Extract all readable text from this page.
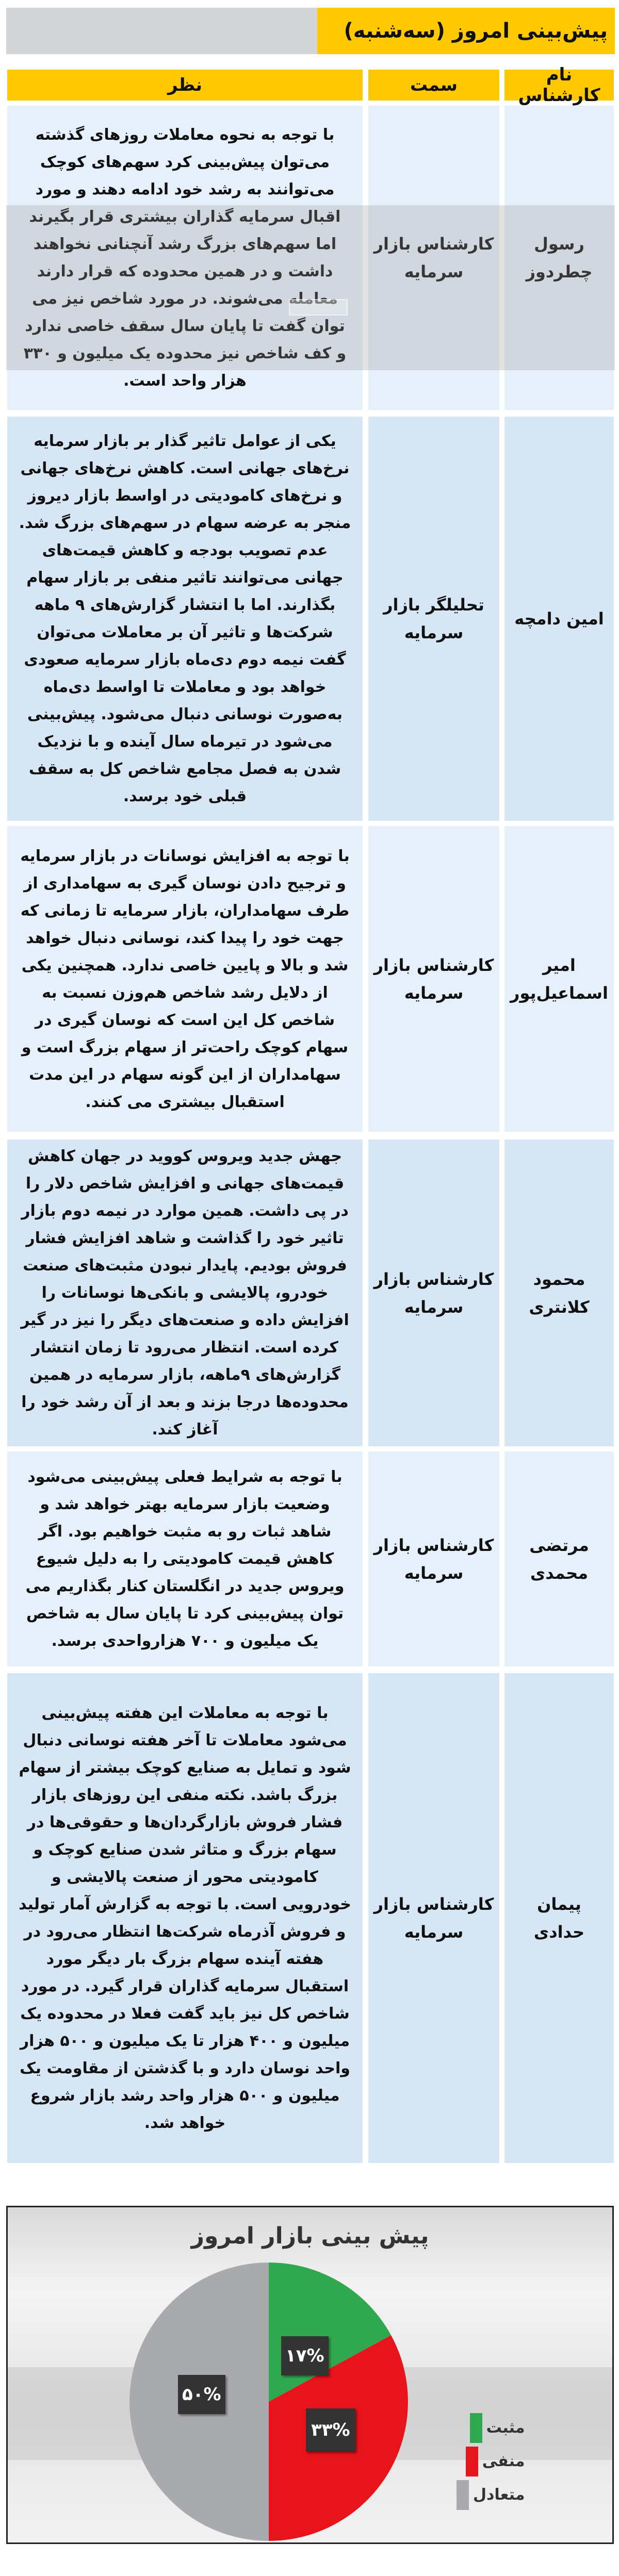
پیش‌بینی امروز (سه‌شنبه)
نام کارشناس
سمت
نظر
رسول چطردوز
کارشناس بازار سرمایه
با توجه به نحوه معاملات روزهای گذشته می‌توان پیش‌بینی کرد سهم‌های کوچک می‌توانند به رشد خود ادامه دهند و مورد اقبال سرمایه گذاران بیشتری قرار بگیرند اما سهم‌های بزرگ رشد آنچنانی نخواهند داشت و در همین محدوده که قرار دارند معامله می‌شوند. در مورد شاخص نیز می توان گفت تا پایان سال سقف خاصی ندارد و کف شاخص نیز محدوده یک میلیون و ۳۳۰ هزار واحد است.
امین دامچه
تحلیلگر بازار سرمایه
یکی از عوامل تاثیر گذار بر بازار سرمایه نرخ‌های جهانی است. کاهش نرخ‌های جهانی و نرخ‌های کامودیتی در اواسط بازار دیروز منجر به عرضه سهام در سهم‌های بزرگ شد. عدم تصویب بودجه و کاهش قیمت‌های جهانی می‌توانند تاثیر منفی بر بازار سهام بگذارند. اما با انتشار گزارش‌های ۹ ماهه شرکت‌ها و تاثیر آن بر معاملات می‌توان گفت نیمه دوم دی‌ماه بازار سرمایه صعودی خواهد بود و معاملات تا اواسط دی‌ماه به‌صورت نوسانی دنبال می‌شود. پیش‌بینی می‌شود در تیرماه سال آینده و با نزدیک شدن به فصل مجامع شاخص کل به سقف قبلی خود برسد.
امیر اسماعیل‌پور
کارشناس بازار سرمایه
با توجه به افزایش نوسانات در بازار سرمایه و ترجیح دادن نوسان گیری به سهامداری از طرف سهامداران، بازار سرمایه تا زمانی که جهت خود را پیدا کند، نوسانی دنبال خواهد شد و بالا و پایین خاصی ندارد. همچنین یکی از دلایل رشد شاخص هم‌وزن نسبت به شاخص کل این است که نوسان گیری در سهام کوچک راحت‌تر از سهام بزرگ است و سهامداران از این گونه سهام در این مدت استقبال بیشتری می کنند.
محمود کلانتری
کارشناس بازار سرمایه
جهش جدید ویروس کووید در جهان کاهش قیمت‌های جهانی و افزایش شاخص دلار را در پی داشت. همین موارد در نیمه دوم بازار تاثیر خود را گذاشت و شاهد افزایش فشار فروش بودیم. پایدار نبودن مثبت‌های صنعت خودرو، پالایشی و بانکی‌ها نوسانات را افزایش داده و صنعت‌های دیگر را نیز در گیر کرده است. انتظار می‌رود تا زمان انتشار گزارش‌های ۹ماهه، بازار سرمایه در همین محدوده‌ها درجا بزند و بعد از آن رشد خود را آغاز کند.
مرتضی محمدی
کارشناس بازار سرمایه
با توجه به شرایط فعلی پیش‌بینی می‌شود وضعیت بازار سرمایه بهتر خواهد شد و شاهد ثبات رو به مثبت خواهیم بود. اگر کاهش قیمت کامودیتی را به دلیل شیوع ویروس جدید در انگلستان کنار بگذاریم می توان پیش‌بینی کرد تا پایان سال به شاخص یک میلیون و ۷۰۰ هزارواحدی برسد.
پیمان حدادی
کارشناس بازار سرمایه
با توجه به معاملات این هفته پیش‌بینی می‌شود معاملات تا آخر هفته نوسانی دنبال شود و تمایل به صنایع کوچک بیشتر از سهام بزرگ باشد. نکته منفی این روزهای بازار فشار فروش بازارگردان‌ها و حقوقی‌ها در سهام بزرگ و متاثر شدن صنایع کوچک و کامودیتی محور از صنعت پالایشی و خودرویی است. با توجه به گزارش آمار تولید و فروش آذرماه شرکت‌ها انتظار می‌رود در هفته آینده سهام بزرگ بار دیگر مورد استقبال سرمایه گذاران قرار گیرد. در مورد شاخص کل نیز باید گفت فعلا در محدوده یک میلیون و ۴۰۰ هزار تا یک میلیون و ۵۰۰ هزار واحد نوسان دارد و با گذشتن از مقاومت یک میلیون و ۵۰۰ هزار واحد رشد بازار شروع خواهد شد.
پیش بینی بازار امروز
۱۷%
۳۳%
۵۰%
مثبت
منفی
متعادل
